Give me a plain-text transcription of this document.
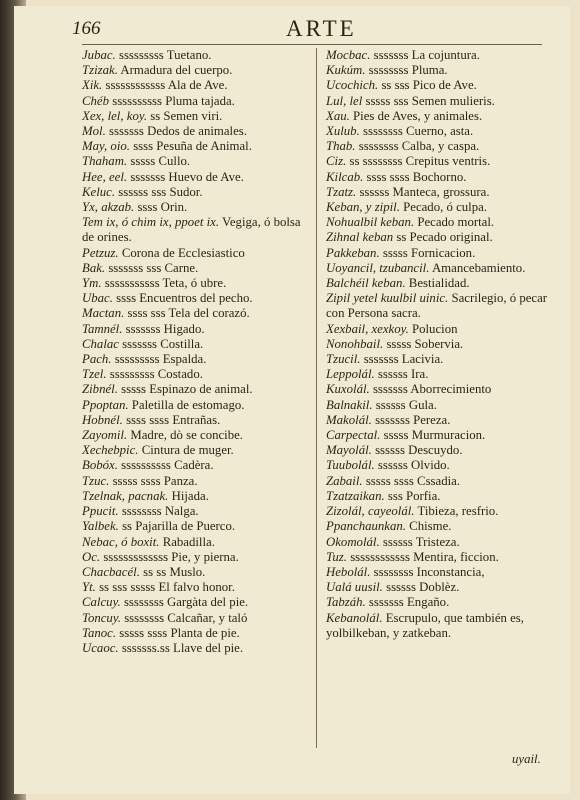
166	ARTE
Jubac. sssssssss Tuetano.
Tzizak. Armadura del cuerpo.
Xik. ssssssssssss Ala de Ave.
Chéb ssssssssss Pluma tajada.
Xex, lel, koy. ss Semen viri.
Mol. sssssss Dedos de animales.
May, oio. ssss Pesuña de Animal.
Thaham. sssss Cullo.
Hee, eel. sssssss Huevo de Ave.
Keluc. ssssss sss Sudor.
Yx, akzab. ssss Orin.
Tem ix, ó chim ix, ppoet ix. Vegiga, ó bolsa de orines.
Petzuz. Corona de Ecclesiastico
Bak. sssssss sss Carne.
Ym. sssssssssss Teta, ó ubre.
Ubac. ssss Encuentros del pecho.
Mactan. ssss sss Tela del corazó.
Tamnél. sssssss Higado.
Chalac sssssss Costilla.
Pach. sssssssss Espalda.
Tzel. sssssssss Costado.
Zibnél. sssss Espinazo de animal.
Ppoptan. Paletilla de estomago.
Hobnél. ssss ssss Entrañas.
Zayomil. Madre, dò se concibe.
Xechebpic. Cintura de muger.
Bobóx. ssssssssss Cadèra.
Tzuc. sssss ssss Panza.
Tzelnak, pacnak. Hijada.
Ppucit. ssssssss Nalga.
Yalbek. ss Pajarilla de Puerco.
Nebac, ó boxit. Rabadilla.
Oc. sssssssssssss Pie, y pierna.
Chacbacél. ss ss Muslo.
Yt. ss sss sssss El falvo honor.
Calcuy. ssssssss Gargàta del pie.
Toncuy. ssssssss Calcañar, y taló
Tanoc. sssss ssss Planta de pie.
Ucaoc. sssssss.ss Llave del pie.
Mocbac. sssssss La cojuntura.
Kukúm. ssssssss Pluma.
Ucochich. ss sss Pico de Ave.
Lul, lel sssss sss Semen mulieris.
Xau. Pies de Aves, y animales.
Xulub. ssssssss Cuerno, asta.
Thab. ssssssss Calba, y caspa.
Ciz. ss ssssssss Crepitus ventris.
Kilcab. ssss ssss Bochorno.
Tzatz. ssssss Manteca, grossura.
Keban, y zipil. Pecado, ó culpa.
Nohualbil keban. Pecado mortal.
Zihnal keban ss Pecado original.
Pakkeban. sssss Fornicacion.
Uoyancil, tzubancil. Amancebamiento.
Balchéil keban. Bestialidad.
Zipil yetel kuulbil uinic. Sacrilegio, ó pecar con Persona sacra.
Xexbail, xexkoy. Polucion
Nonohbail. sssss Sobervia.
Tzucil. sssssss Lacivia.
Leppolál. ssssss Ira.
Kuxolál. sssssss Aborrecimiento
Balnakil. ssssss Gula.
Makolál. sssssss Pereza.
Carpectal. sssss Murmuracion.
Mayolál. ssssss Descuydo.
Tuubolál. ssssss Olvido.
Zabail. sssss ssss Cssadia.
Tzatzaikan. sss Porfia.
Zizolál, cayeolál. Tibieza, resfrio.
Ppanchaunkan. Chisme.
Okomolál. ssssss Tristeza.
Tuz. ssssssssssss Mentira, ficcion.
Hebolál. ssssssss Inconstancia,
Ualá uusil. ssssss Doblèz.
Tabzáh. sssssss Engaño.
Kebanolál. Escrupulo, que también es, yolbilkeban, y zatkeban.
uyail.
